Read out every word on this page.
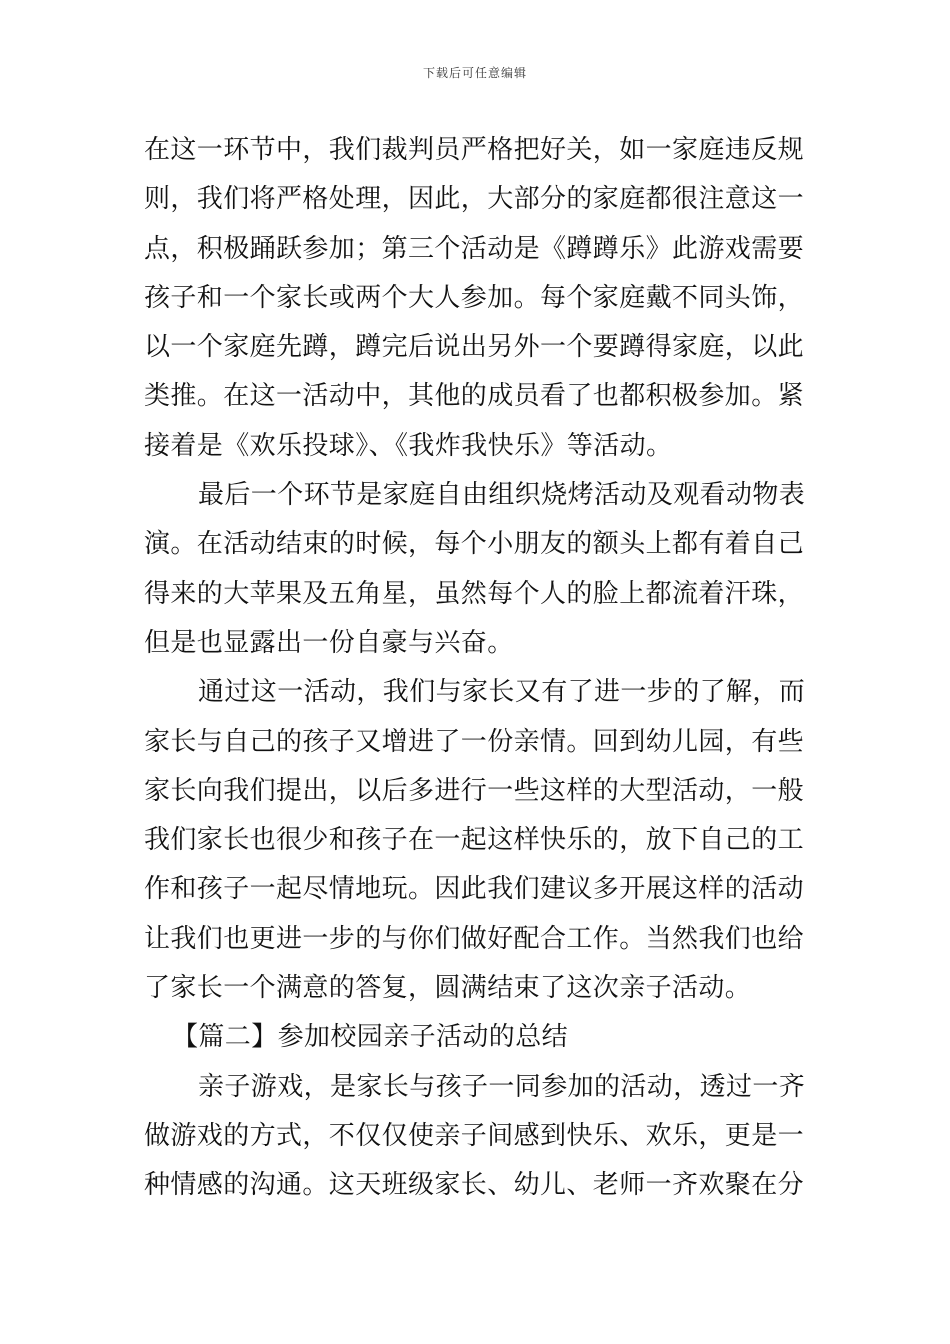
下载后可任意编辑
在这一环节中，我们裁判员严格把好关，如一家庭违反规
则，我们将严格处理，因此，大部分的家庭都很注意这一
点，积极踊跃参加；第三个活动是《蹲蹲乐》此游戏需要
孩子和一个家长或两个大人参加。每个家庭戴不同头饰，
以一个家庭先蹲，蹲完后说出另外一个要蹲得家庭，以此
类推。在这一活动中，其他的成员看了也都积极参加。紧
接着是《欢乐投球》、《我炸我快乐》等活动。
最后一个环节是家庭自由组织烧烤活动及观看动物表
演。在活动结束的时候，每个小朋友的额头上都有着自己
得来的大苹果及五角星，虽然每个人的脸上都流着汗珠，
但是也显露出一份自豪与兴奋。
通过这一活动，我们与家长又有了进一步的了解，而
家长与自己的孩子又增进了一份亲情。回到幼儿园，有些
家长向我们提出，以后多进行一些这样的大型活动，一般
我们家长也很少和孩子在一起这样快乐的，放下自己的工
作和孩子一起尽情地玩。因此我们建议多开展这样的活动
让我们也更进一步的与你们做好配合工作。当然我们也给
了家长一个满意的答复，圆满结束了这次亲子活动。
【篇二】参加校园亲子活动的总结
亲子游戏，是家长与孩子一同参加的活动，透过一齐
做游戏的方式，不仅仅使亲子间感到快乐、欢乐，更是一
种情感的沟通。这天班级家长、幼儿、老师一齐欢聚在分
